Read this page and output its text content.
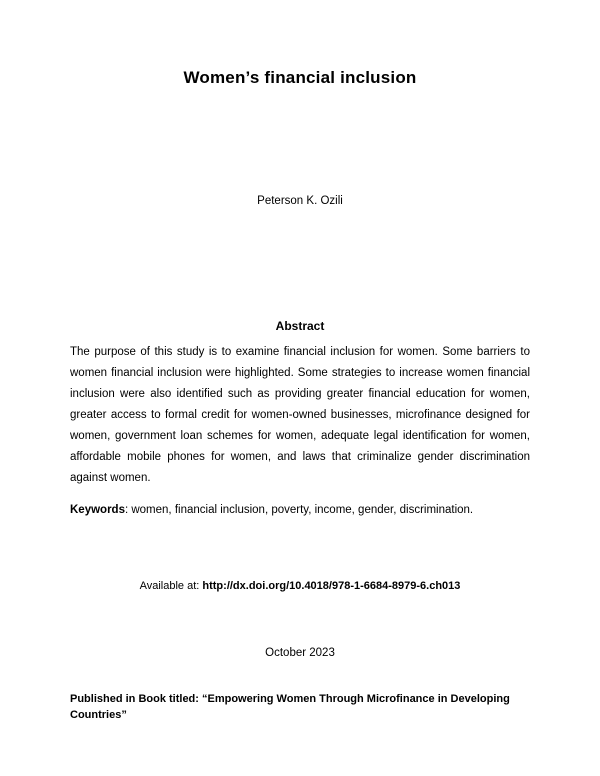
Women’s financial inclusion
Peterson K. Ozili
Abstract

The purpose of this study is to examine financial inclusion for women. Some barriers to women financial inclusion were highlighted. Some strategies to increase women financial inclusion were also identified such as providing greater financial education for women, greater access to formal credit for women-owned businesses, microfinance designed for women, government loan schemes for women, adequate legal identification for women, affordable mobile phones for women, and laws that criminalize gender discrimination against women.

Keywords: women, financial inclusion, poverty, income, gender, discrimination.

Available at: http://dx.doi.org/10.4018/978-1-6684-8979-6.ch013

October 2023

Published in Book titled: “Empowering Women Through Microfinance in Developing Countries”
